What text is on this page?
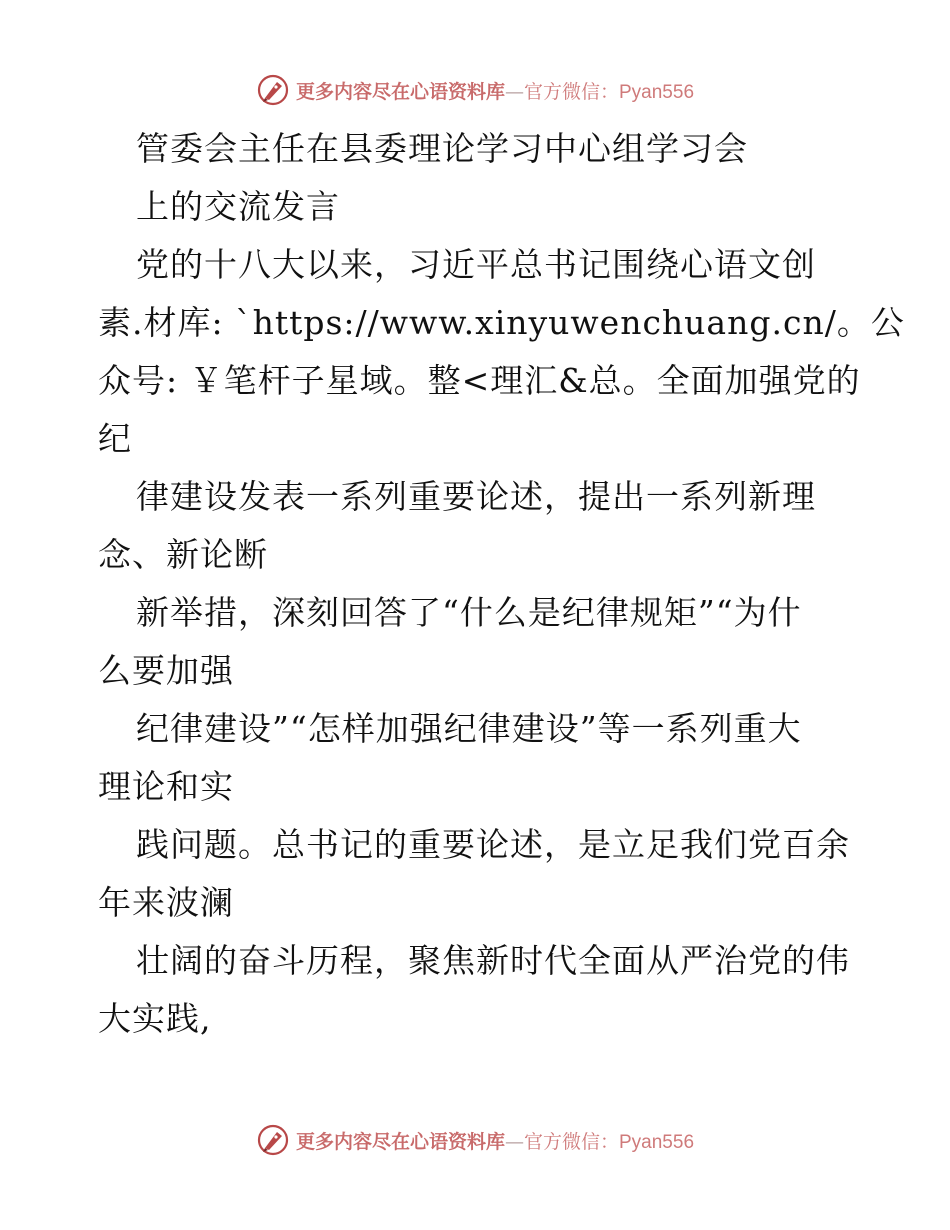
更多内容尽在心语资料库—官方微信：Pyan556
管委会主任在县委理论学习中心组学习会
上的交流发言
党的十八大以来，习近平总书记围绕心语文创
素.材库: `https://www.xinyuwenchuang.cn/。公
众号: ￥笔杆子星域。整<理汇&总。全面加强党的
纪
律建设发表一系列重要论述，提出一系列新理
念、新论断
新举措，深刻回答了“什么是纪律规矩”“为什
么要加强
纪律建设”“怎样加强纪律建设”等一系列重大
理论和实
践问题。总书记的重要论述，是立足我们党百余
年来波澜
壮阔的奋斗历程，聚焦新时代全面从严治党的伟
大实践,
更多内容尽在心语资料库—官方微信：Pyan556
